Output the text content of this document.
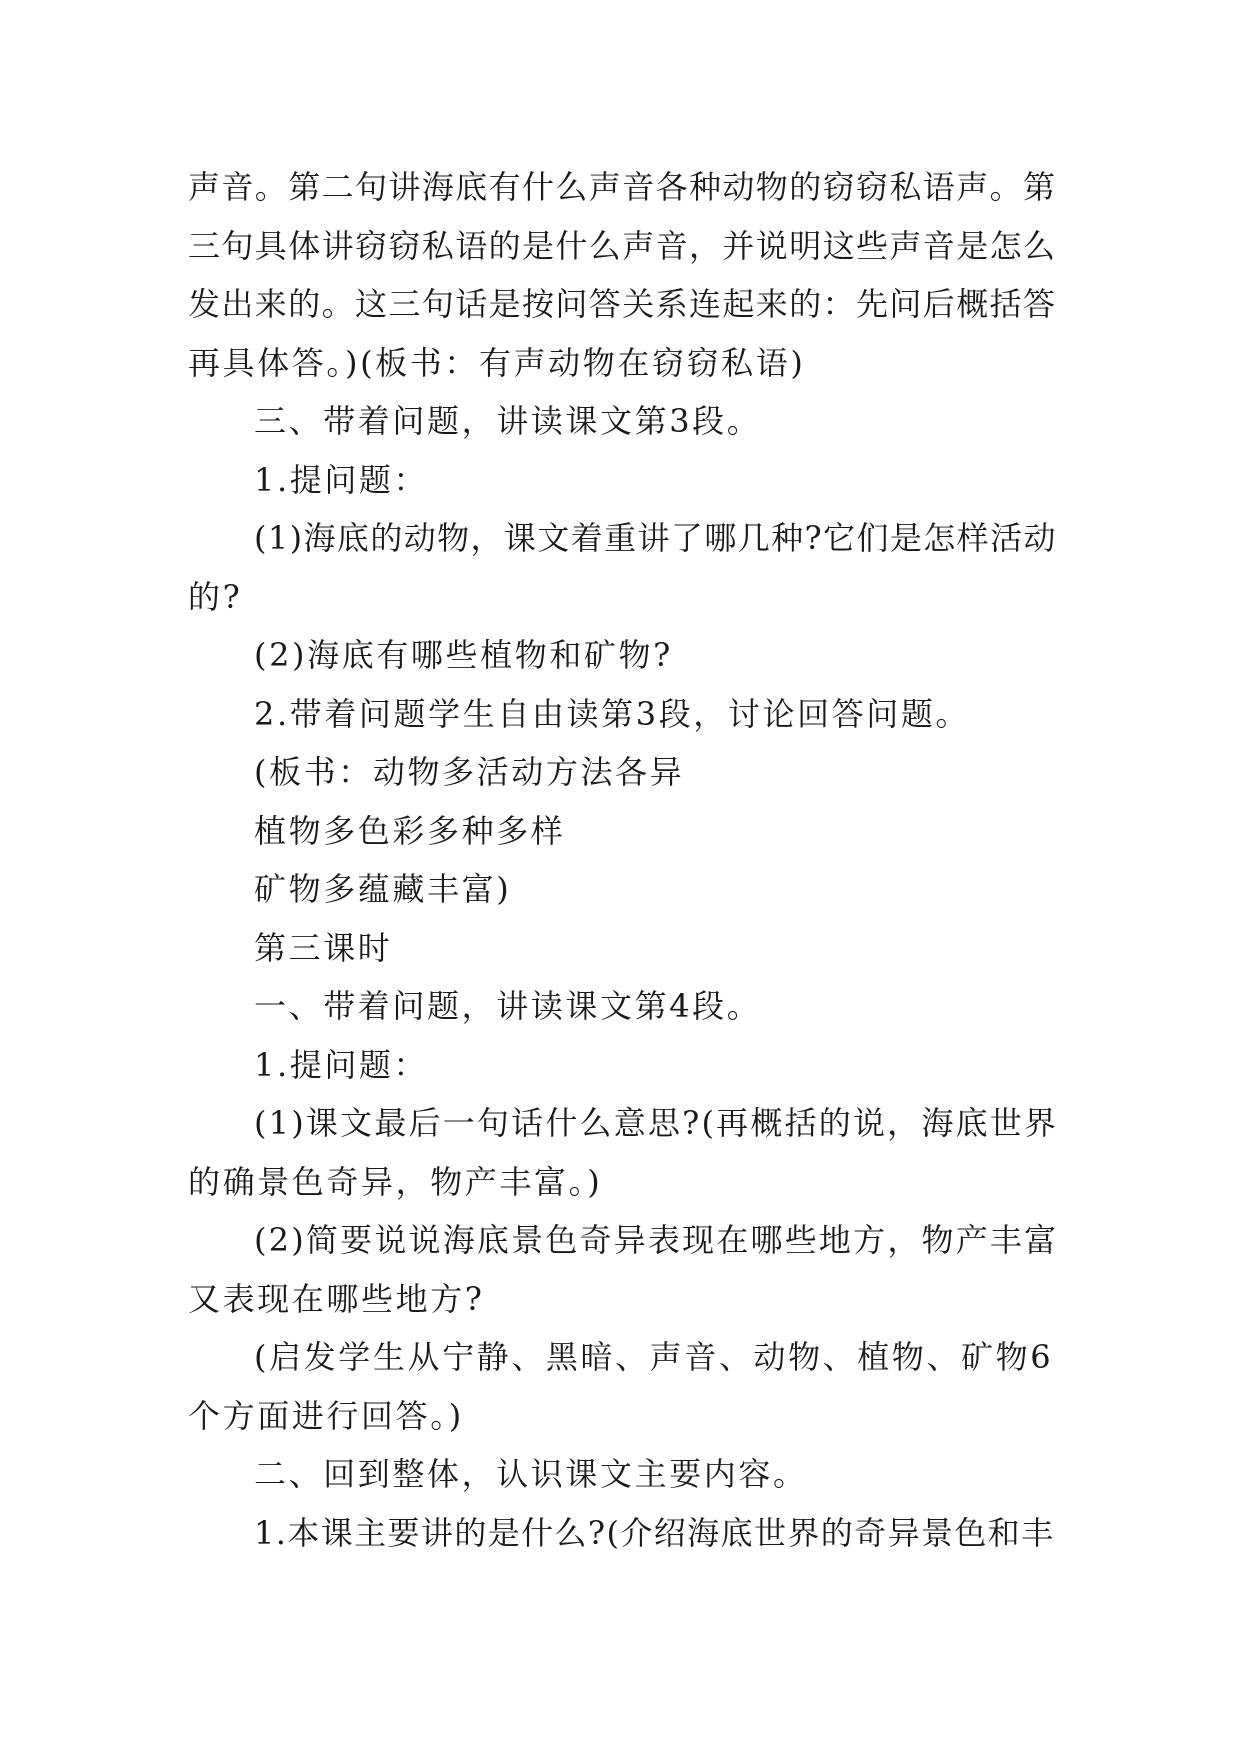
声音。第二句讲海底有什么声音各种动物的窃窃私语声。第
三句具体讲窃窃私语的是什么声音，并说明这些声音是怎么
发出来的。这三句话是按问答关系连起来的：先问后概括答
再具体答。)(板书：有声动物在窃窃私语)
三、带着问题，讲读课文第3段。
1.提问题：
(1)海底的动物，课文着重讲了哪几种?它们是怎样活动
的?
(2)海底有哪些植物和矿物?
2.带着问题学生自由读第3段，讨论回答问题。
(板书：动物多活动方法各异
植物多色彩多种多样
矿物多蕴藏丰富)
第三课时
一、带着问题，讲读课文第4段。
1.提问题：
(1)课文最后一句话什么意思?(再概括的说，海底世界
的确景色奇异，物产丰富。)
(2)简要说说海底景色奇异表现在哪些地方，物产丰富
又表现在哪些地方?
(启发学生从宁静、黑暗、声音、动物、植物、矿物6
个方面进行回答。)
二、回到整体，认识课文主要内容。
1.本课主要讲的是什么?(介绍海底世界的奇异景色和丰
